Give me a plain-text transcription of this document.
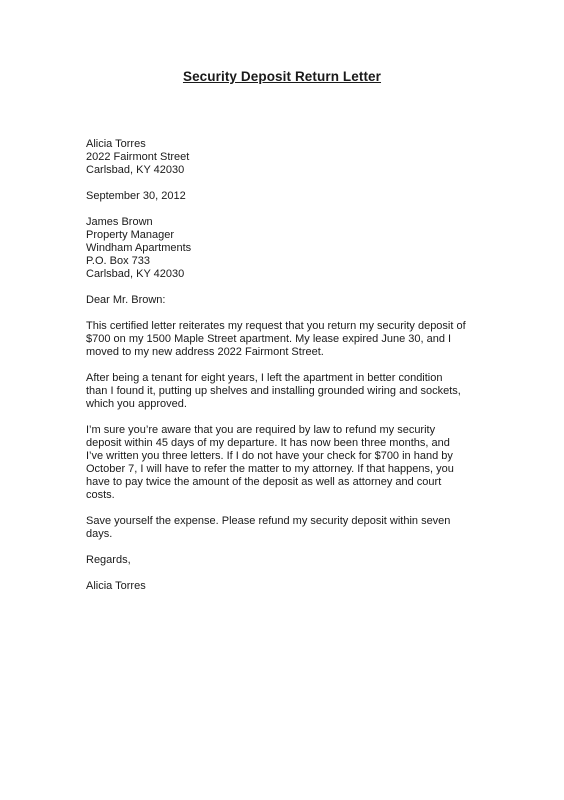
Security Deposit Return Letter
Alicia Torres
2022 Fairmont Street
Carlsbad, KY 42030
September 30, 2012
James Brown
Property Manager
Windham Apartments
P.O. Box 733
Carlsbad, KY 42030
Dear Mr. Brown:
This certified letter reiterates my request that you return my security deposit of
$700 on my 1500 Maple Street apartment. My lease expired June 30, and I
moved to my new address 2022 Fairmont Street.
After being a tenant for eight years, I left the apartment in better condition
than I found it, putting up shelves and installing grounded wiring and sockets,
which you approved.
I’m sure you’re aware that you are required by law to refund my security
deposit within 45 days of my departure. It has now been three months, and
I’ve written you three letters. If I do not have your check for $700 in hand by
October 7, I will have to refer the matter to my attorney. If that happens, you
have to pay twice the amount of the deposit as well as attorney and court
costs.
Save yourself the expense. Please refund my security deposit within seven
days.
Regards,
Alicia Torres
